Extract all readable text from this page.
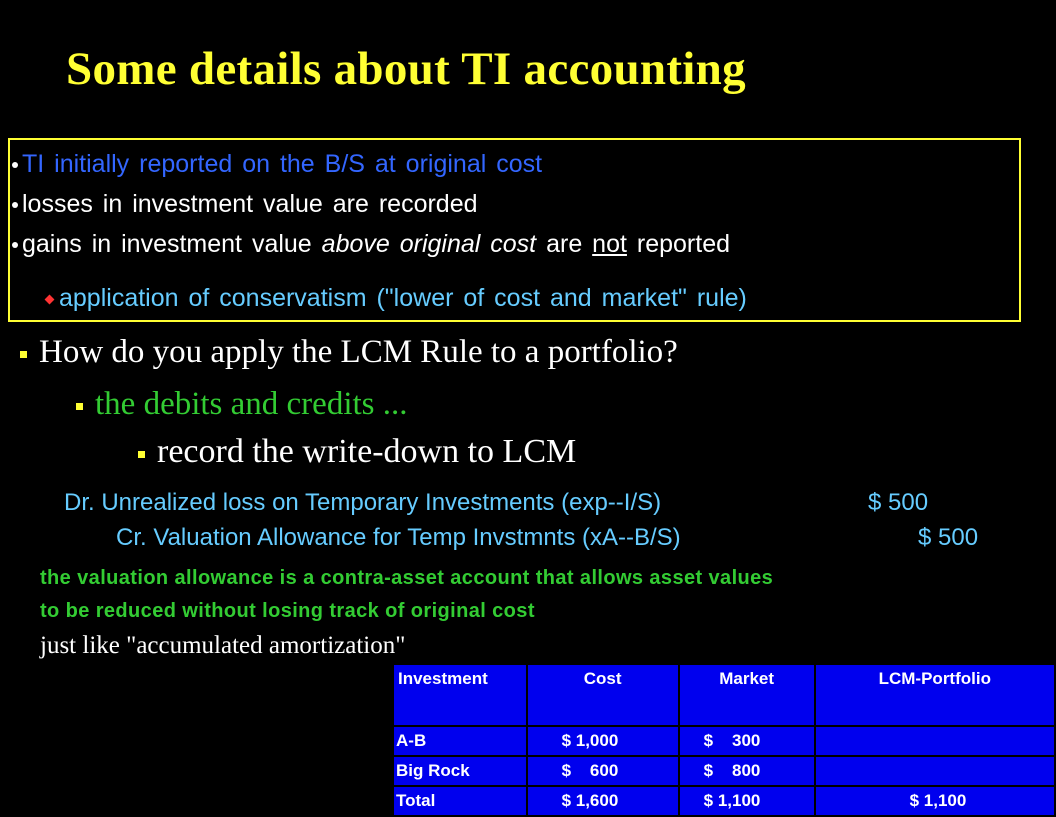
Some details about TI accounting
TI initially reported on the B/S at original cost
losses in investment value are recorded
gains in investment value above original cost are not reported
application of conservatism ("lower of cost and market" rule)
How do you apply the LCM Rule to a portfolio?
the debits and credits ...
record the write-down to LCM
Dr. Unrealized loss on Temporary Investments (exp--I/S)	$ 500
Cr. Valuation Allowance for Temp Invstmnts (xA--B/S)	$ 500
the valuation allowance is a contra-asset account that allows asset values
to be reduced without losing track of original cost
just like "accumulated amortization"
Investment	Cost	Market	LCM-Portfolio
A-B	$ 1,000	$    300	
Big Rock	$    600	$    800	
Total	$ 1,600	$ 1,100	$ 1,100
